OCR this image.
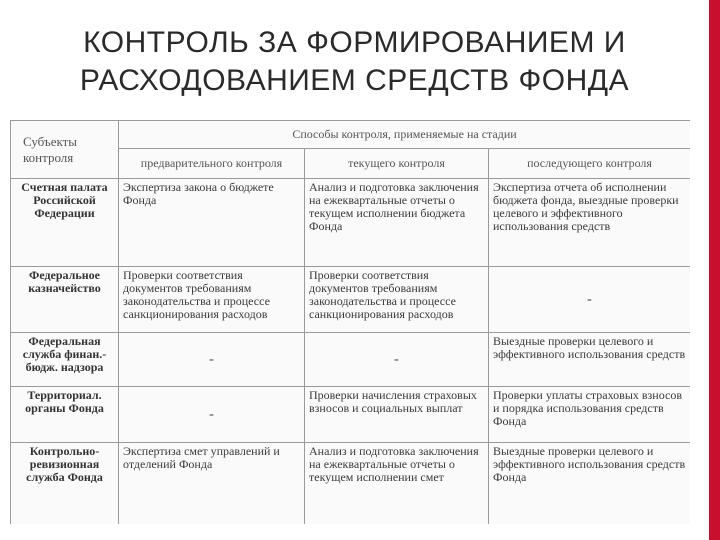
КОНТРОЛЬ ЗА ФОРМИРОВАНИЕМ И
РАСХОДОВАНИЕМ СРЕДСТВ ФОНДА
Субъекты контроля	Способы контроля, применяемые на стадии		
	предварительного контроля	текущего контроля	последующего контроля
Счетная палата Российской Федерации	Экспертиза закона о бюджете Фонда	Анализ и подготовка заключения на ежеквартальные отчеты о текущем исполнении бюджета Фонда	Экспертиза отчета об исполнении бюджета фонда, выездные проверки целевого и эффективного использования средств
Федеральное казначейство	Проверки соответствия документов требованиям законодательства и процессе санкционирования расходов	Проверки соответствия документов требованиям законодательства и процессе санкционирования расходов	-
Федеральная служба финан.-бюдж. надзора	-	-	Выездные проверки целевого и эффективного использования средств
Территориал. органы Фонда	-	Проверки начисления страховых взносов и социальных выплат	Проверки уплаты страховых взносов и порядка использования средств Фонда
Контрольно-ревизионная служба Фонда	Экспертиза смет управлений и отделений Фонда	Анализ и подготовка заключения на ежеквартальные отчеты о текущем исполнении смет	Выездные проверки целевого и эффективного использования средств Фонда
